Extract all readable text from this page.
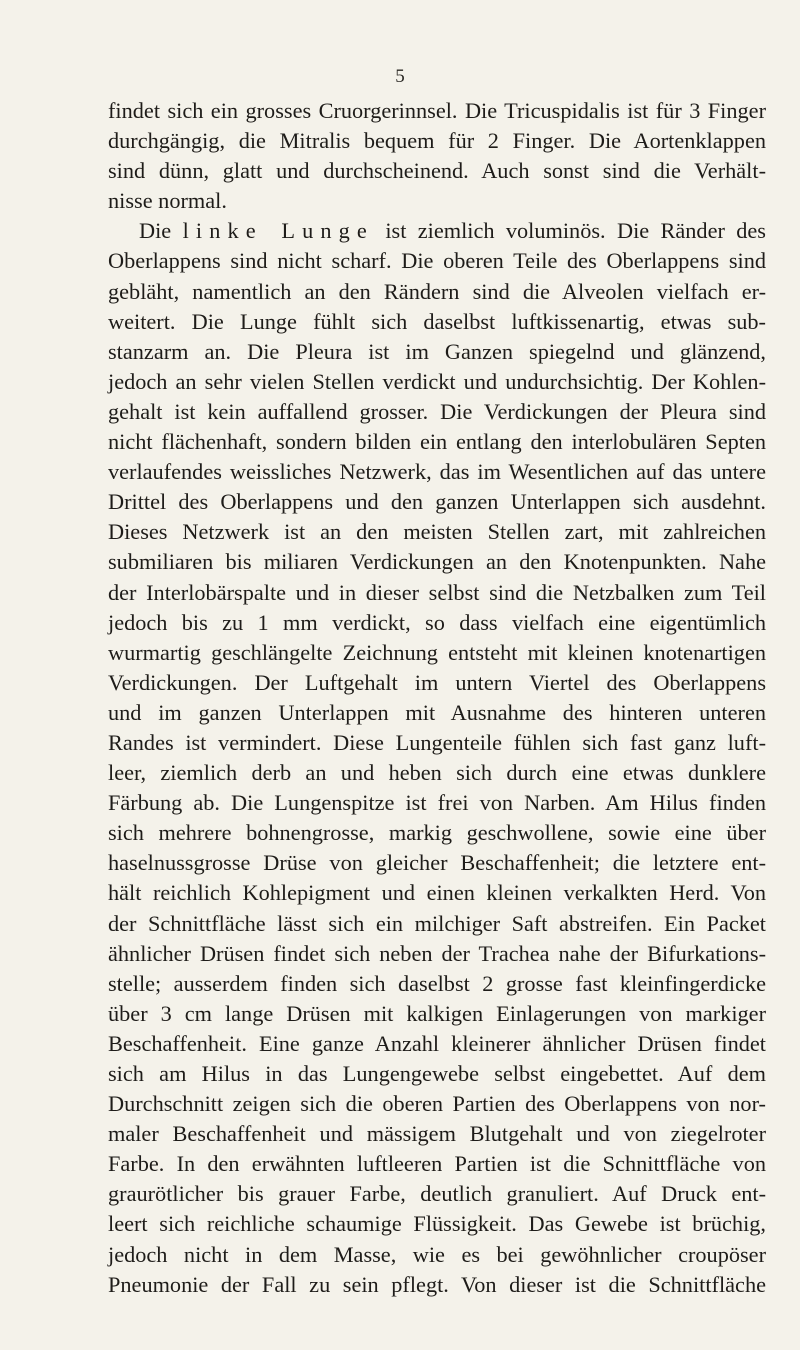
5
findet sich ein grosses Cruorgerinnsel. Die Tricuspidalis ist für 3 Finger
durchgängig, die Mitralis bequem für 2 Finger. Die Aortenklappen
sind dünn, glatt und durchscheinend. Auch sonst sind die Verhält-
nisse normal.
Die linke Lunge ist ziemlich voluminös. Die Ränder des
Oberlappens sind nicht scharf. Die oberen Teile des Oberlappens sind
gebläht, namentlich an den Rändern sind die Alveolen vielfach er-
weitert. Die Lunge fühlt sich daselbst luftkissenartig, etwas sub-
stanzarm an. Die Pleura ist im Ganzen spiegelnd und glänzend,
jedoch an sehr vielen Stellen verdickt und undurchsichtig. Der Kohlen-
gehalt ist kein auffallend grosser. Die Verdickungen der Pleura sind
nicht flächenhaft, sondern bilden ein entlang den interlobulären Septen
verlaufendes weissliches Netzwerk, das im Wesentlichen auf das untere
Drittel des Oberlappens und den ganzen Unterlappen sich ausdehnt.
Dieses Netzwerk ist an den meisten Stellen zart, mit zahlreichen
submiliaren bis miliaren Verdickungen an den Knotenpunkten. Nahe
der Interlobärspalte und in dieser selbst sind die Netzbalken zum Teil
jedoch bis zu 1 mm verdickt, so dass vielfach eine eigentümlich
wurmartig geschlängelte Zeichnung entsteht mit kleinen knotenartigen
Verdickungen. Der Luftgehalt im untern Viertel des Oberlappens
und im ganzen Unterlappen mit Ausnahme des hinteren unteren
Randes ist vermindert. Diese Lungenteile fühlen sich fast ganz luft-
leer, ziemlich derb an und heben sich durch eine etwas dunklere
Färbung ab. Die Lungenspitze ist frei von Narben. Am Hilus finden
sich mehrere bohnengrosse, markig geschwollene, sowie eine über
haselnussgrosse Drüse von gleicher Beschaffenheit; die letztere ent-
hält reichlich Kohlepigment und einen kleinen verkalkten Herd. Von
der Schnittfläche lässt sich ein milchiger Saft abstreifen. Ein Packet
ähnlicher Drüsen findet sich neben der Trachea nahe der Bifurkations-
stelle; ausserdem finden sich daselbst 2 grosse fast kleinfingerdicke
über 3 cm lange Drüsen mit kalkigen Einlagerungen von markiger
Beschaffenheit. Eine ganze Anzahl kleinerer ähnlicher Drüsen findet
sich am Hilus in das Lungengewebe selbst eingebettet. Auf dem
Durchschnitt zeigen sich die oberen Partien des Oberlappens von nor-
maler Beschaffenheit und mässigem Blutgehalt und von ziegelroter
Farbe. In den erwähnten luftleeren Partien ist die Schnittfläche von
graurötlicher bis grauer Farbe, deutlich granuliert. Auf Druck ent-
leert sich reichliche schaumige Flüssigkeit. Das Gewebe ist brüchig,
jedoch nicht in dem Masse, wie es bei gewöhnlicher croupöser
Pneumonie der Fall zu sein pflegt. Von dieser ist die Schnittfläche
